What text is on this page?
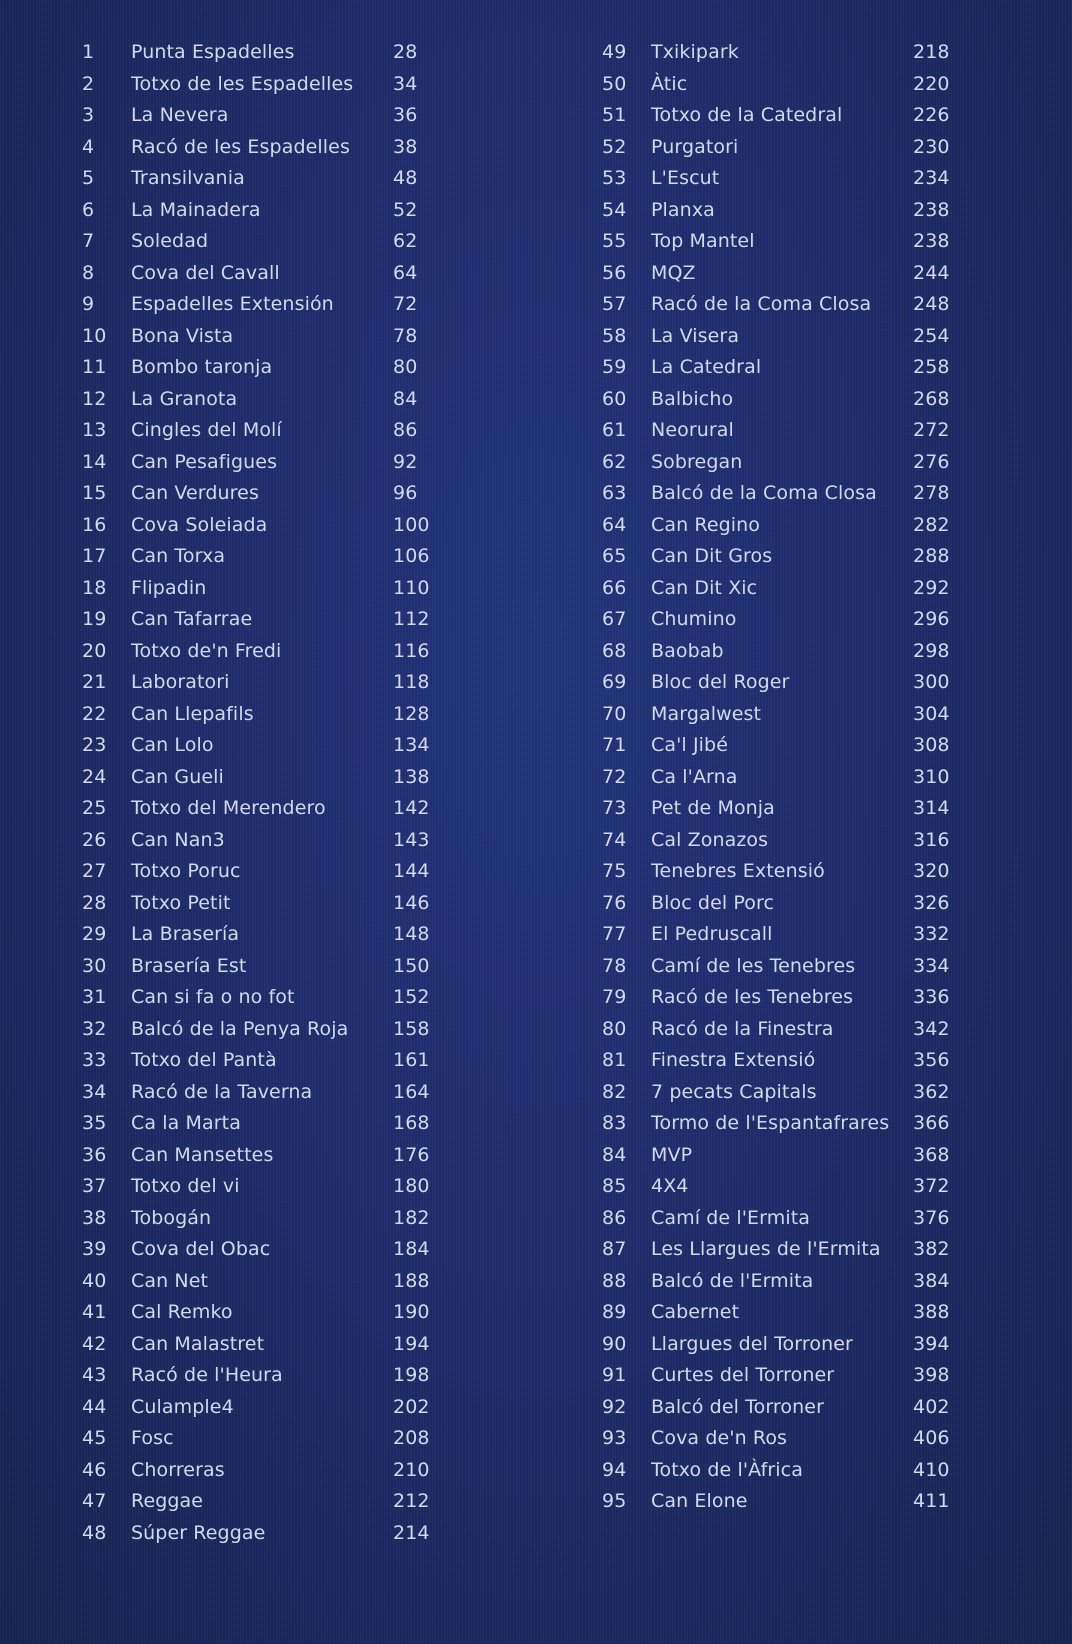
1	Punta Espadelles	28
2	Totxo de les Espadelles	34
3	La Nevera	36
4	Racó de les Espadelles	38
5	Transilvania	48
6	La Mainadera	52
7	Soledad	62
8	Cova del Cavall	64
9	Espadelles Extensión	72
10	Bona Vista	78
11	Bombo taronja	80
12	La Granota	84
13	Cingles del Molí	86
14	Can Pesafigues	92
15	Can Verdures	96
16	Cova Soleiada	100
17	Can Torxa	106
18	Flipadin	110
19	Can Tafarrae	112
20	Totxo de'n Fredi	116
21	Laboratori	118
22	Can Llepafils	128
23	Can Lolo	134
24	Can Gueli	138
25	Totxo del Merendero	142
26	Can Nan3	143
27	Totxo Poruc	144
28	Totxo Petit	146
29	La Brasería	148
30	Brasería Est	150
31	Can si fa o no fot	152
32	Balcó de la Penya Roja	158
33	Totxo del Pantà	161
34	Racó de la Taverna	164
35	Ca la Marta	168
36	Can Mansettes	176
37	Totxo del vi	180
38	Tobogán	182
39	Cova del Obac	184
40	Can Net	188
41	Cal Remko	190
42	Can Malastret	194
43	Racó de l'Heura	198
44	Culample4	202
45	Fosc	208
46	Chorreras	210
47	Reggae	212
48	Súper Reggae	214
49	Txikipark	218
50	Àtic	220
51	Totxo de la Catedral	226
52	Purgatori	230
53	L'Escut	234
54	Planxa	238
55	Top Mantel	238
56	MQZ	244
57	Racó de la Coma Closa	248
58	La Visera	254
59	La Catedral	258
60	Balbicho	268
61	Neorural	272
62	Sobregan	276
63	Balcó de la Coma Closa	278
64	Can Regino	282
65	Can Dit Gros	288
66	Can Dit Xic	292
67	Chumino	296
68	Baobab	298
69	Bloc del Roger	300
70	Margalwest	304
71	Ca'l Jibé	308
72	Ca l'Arna	310
73	Pet de Monja	314
74	Cal Zonazos	316
75	Tenebres Extensió	320
76	Bloc del Porc	326
77	El Pedruscall	332
78	Camí de les Tenebres	334
79	Racó de les Tenebres	336
80	Racó de la Finestra	342
81	Finestra Extensió	356
82	7 pecats Capitals	362
83	Tormo de l'Espantafrares	366
84	MVP	368
85	4X4	372
86	Camí de l'Ermita	376
87	Les Llargues de l'Ermita	382
88	Balcó de l'Ermita	384
89	Cabernet	388
90	Llargues del Torroner	394
91	Curtes del Torroner	398
92	Balcó del Torroner	402
93	Cova de'n Ros	406
94	Totxo de l'Àfrica	410
95	Can Elone	411
